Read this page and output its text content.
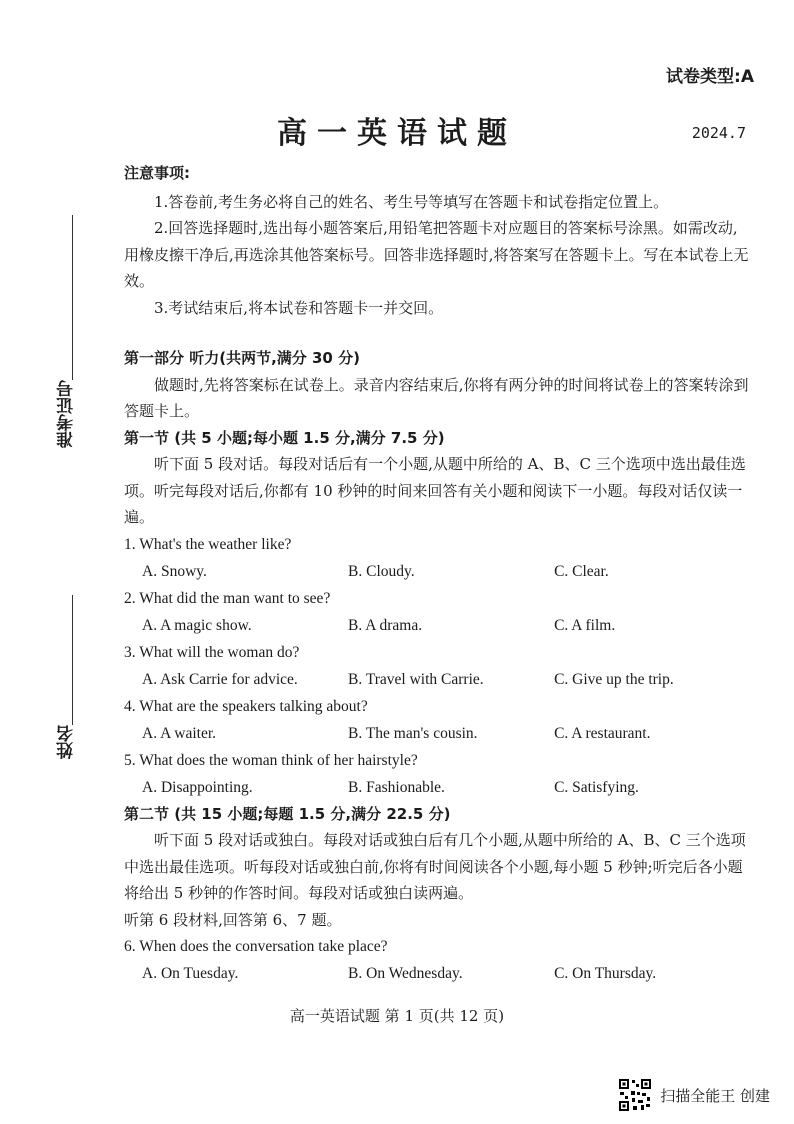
试卷类型:A
高一英语试题	2024.7
准考证号
姓名

注意事项:

1.答卷前,考生务必将自己的姓名、考生号等填写在答题卡和试卷指定位置上。

2.回答选择题时,选出每小题答案后,用铅笔把答题卡对应题目的答案标号涂黑。如需改动,用橡皮擦干净后,再选涂其他答案标号。回答非选择题时,将答案写在答题卡上。写在本试卷上无效。

3.考试结束后,将本试卷和答题卡一并交回。

第一部分 听力(共两节,满分 30 分)

做题时,先将答案标在试卷上。录音内容结束后,你将有两分钟的时间将试卷上的答案转涂到答题卡上。

第一节 (共 5 小题;每小题 1.5 分,满分 7.5 分)

听下面 5 段对话。每段对话后有一个小题,从题中所给的 A、B、C 三个选项中选出最佳选项。听完每段对话后,你都有 10 秒钟的时间来回答有关小题和阅读下一小题。每段对话仅读一遍。

1. What's the weather like?

A. Snowy.	B. Cloudy.	C. Clear.

2. What did the man want to see?

A. A magic show.	B. A drama.	C. A film.

3. What will the woman do?

A. Ask Carrie for advice.	B. Travel with Carrie.	C. Give up the trip.

4. What are the speakers talking about?

A. A waiter.	B. The man's cousin.	C. A restaurant.

5. What does the woman think of her hairstyle?

A. Disappointing.	B. Fashionable.	C. Satisfying.

第二节 (共 15 小题;每题 1.5 分,满分 22.5 分)

听下面 5 段对话或独白。每段对话或独白后有几个小题,从题中所给的 A、B、C 三个选项中选出最佳选项。听每段对话或独白前,你将有时间阅读各个小题,每小题 5 秒钟;听完后各小题将给出 5 秒钟的作答时间。每段对话或独白读两遍。

听第 6 段材料,回答第 6、7 题。

6. When does the conversation take place?

A. On Tuesday.	B. On Wednesday.	C. On Thursday.
高一英语试题 第 1 页(共 12 页)
扫描全能王 创建
